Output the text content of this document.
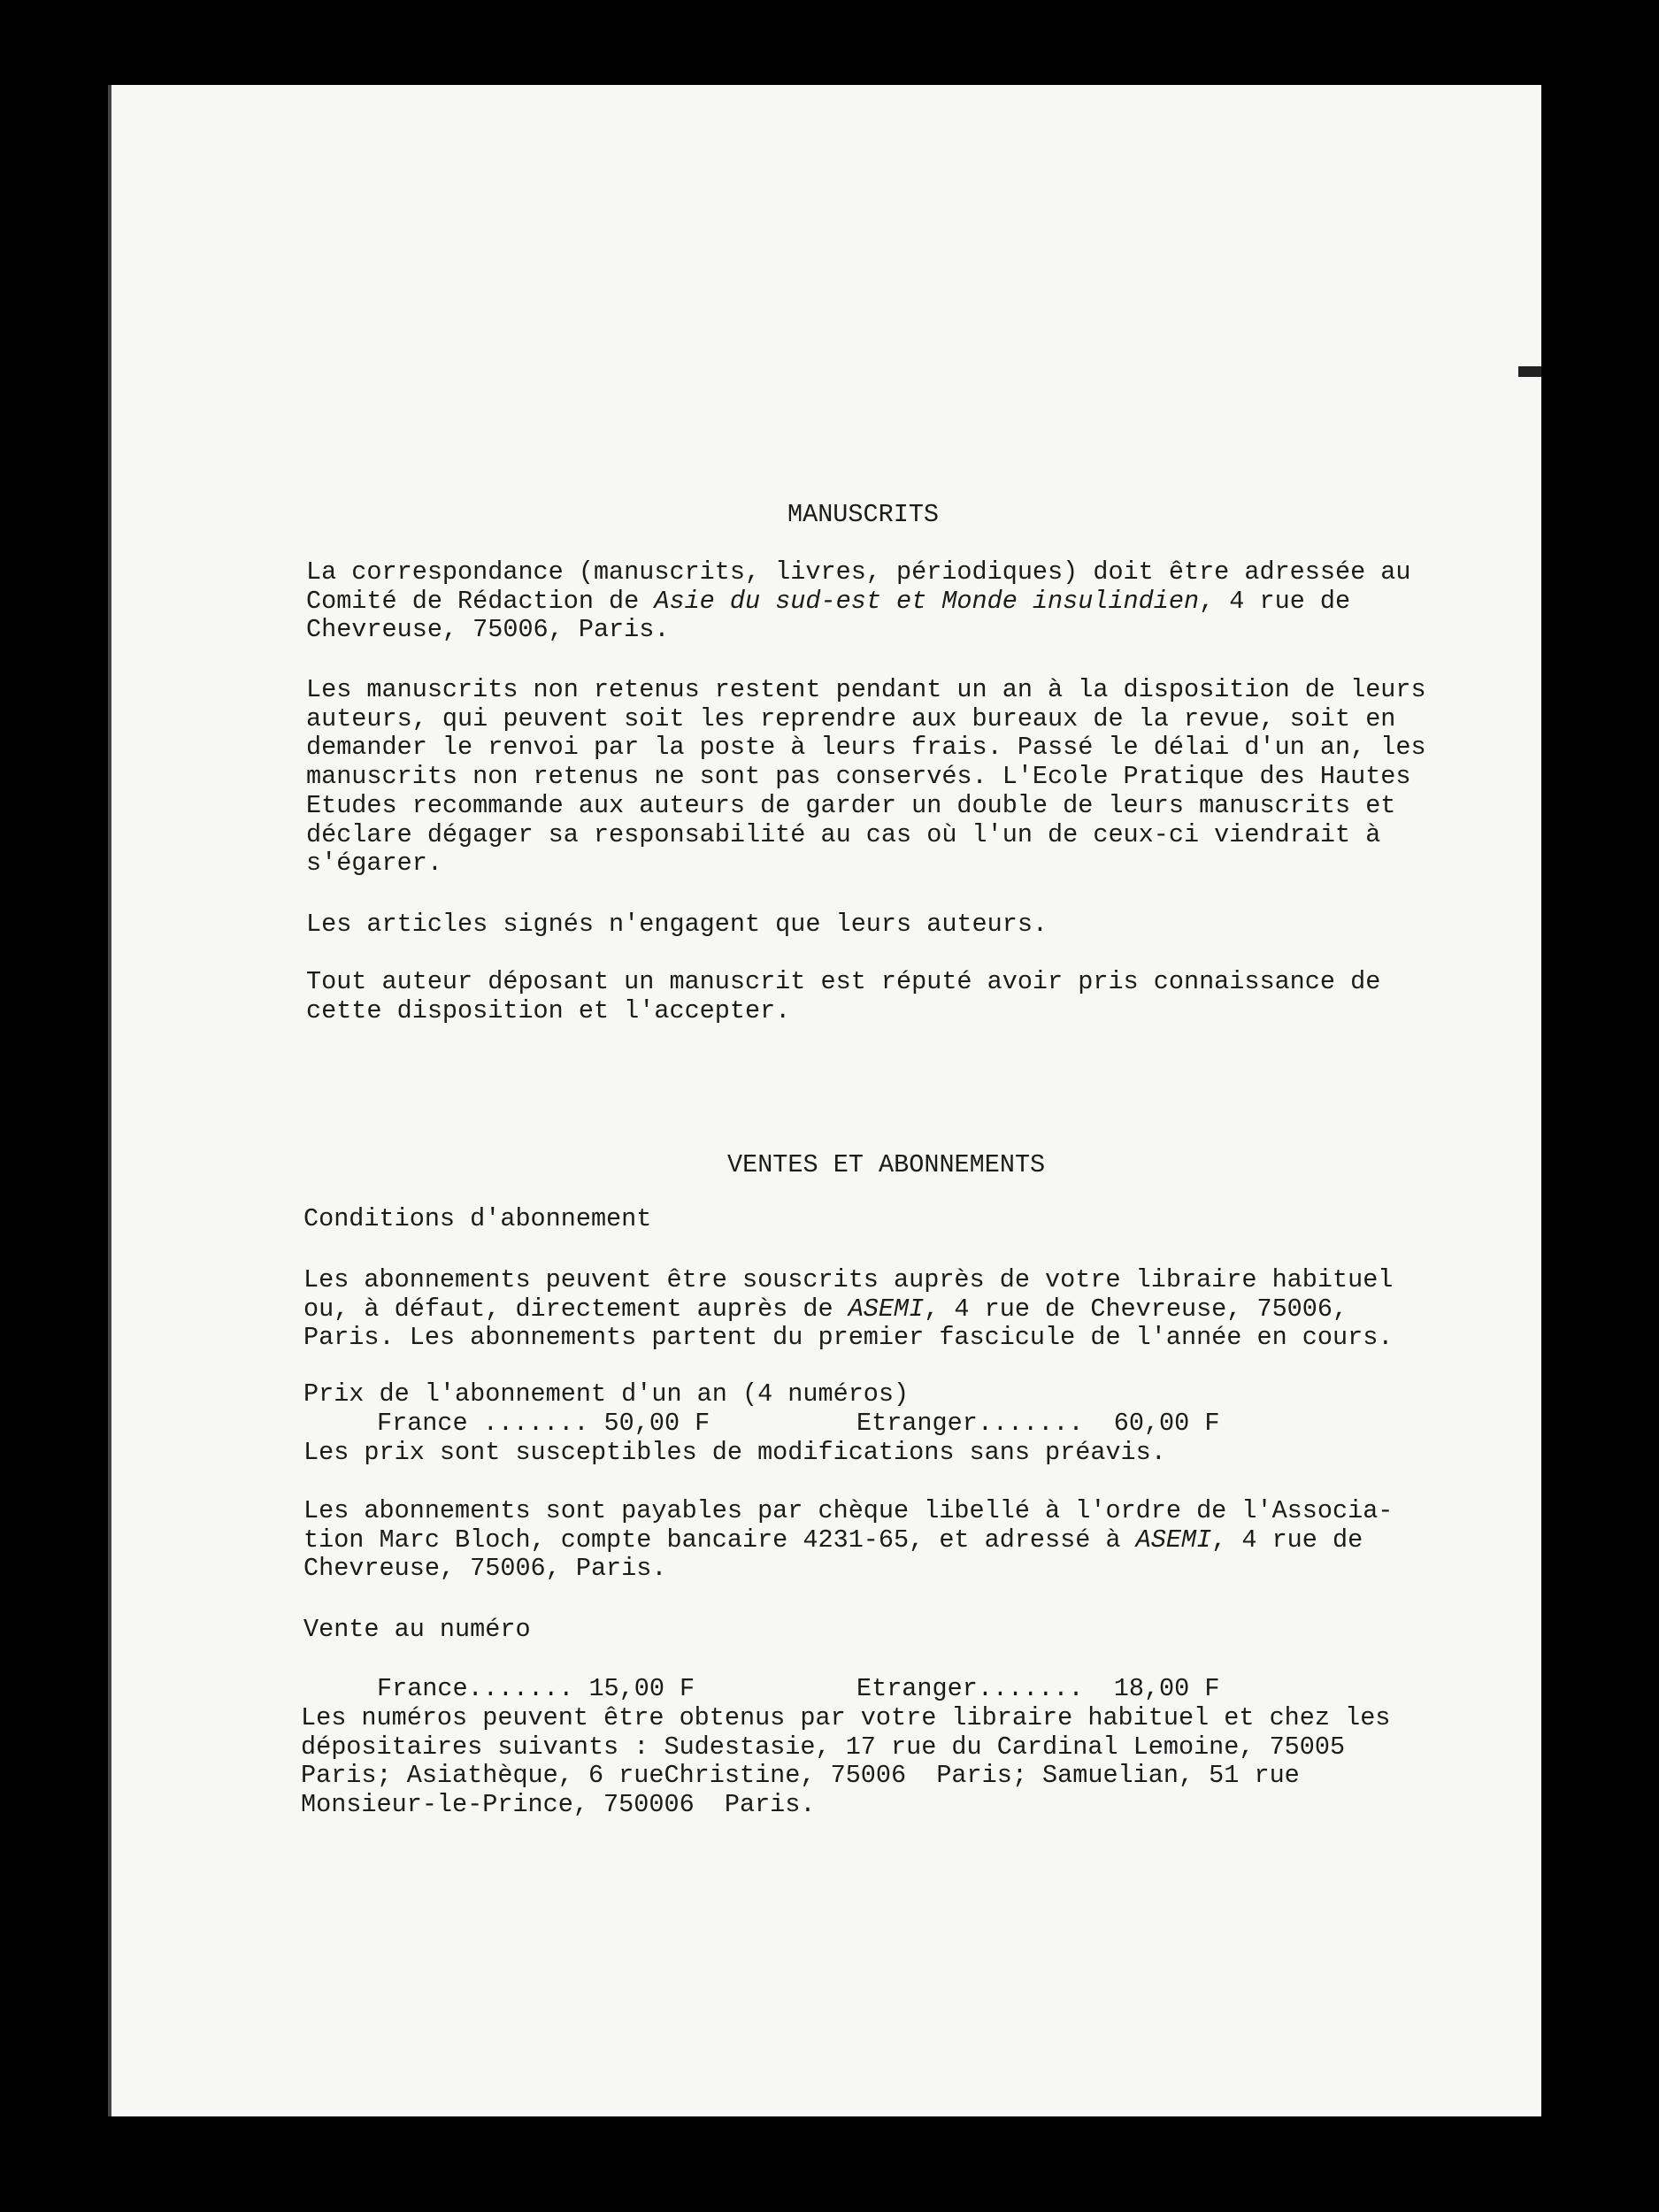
MANUSCRITS
La correspondance (manuscrits, livres, périodiques) doit être adressée au
Comité de Rédaction de Asie du sud-est et Monde insulindien, 4 rue de
Chevreuse, 75006, Paris.
Les manuscrits non retenus restent pendant un an à la disposition de leurs
auteurs, qui peuvent soit les reprendre aux bureaux de la revue, soit en
demander le renvoi par la poste à leurs frais. Passé le délai d'un an, les
manuscrits non retenus ne sont pas conservés. L'Ecole Pratique des Hautes
Etudes recommande aux auteurs de garder un double de leurs manuscrits et
déclare dégager sa responsabilité au cas où l'un de ceux-ci viendrait à
s'égarer.
Les articles signés n'engagent que leurs auteurs.
Tout auteur déposant un manuscrit est réputé avoir pris connaissance de
cette disposition et l'accepter.
VENTES ET ABONNEMENTS
Conditions d'abonnement
Les abonnements peuvent être souscrits auprès de votre libraire habituel
ou, à défaut, directement auprès de ASEMI, 4 rue de Chevreuse, 75006,
Paris. Les abonnements partent du premier fascicule de l'année en cours.
Prix de l'abonnement d'un an (4 numéros)
France ....... 50,00 F	Etranger.......  60,00 F
Les prix sont susceptibles de modifications sans préavis.
Les abonnements sont payables par chèque libellé à l'ordre de l'Associa-
tion Marc Bloch, compte bancaire 4231-65, et adressé à ASEMI, 4 rue de
Chevreuse, 75006, Paris.
Vente au numéro
France....... 15,00 F	Etranger.......  18,00 F
Les numéros peuvent être obtenus par votre libraire habituel et chez les
dépositaires suivants : Sudestasie, 17 rue du Cardinal Lemoine, 75005
Paris; Asiathèque, 6 rueChristine, 75006  Paris; Samuelian, 51 rue
Monsieur-le-Prince, 750006  Paris.
